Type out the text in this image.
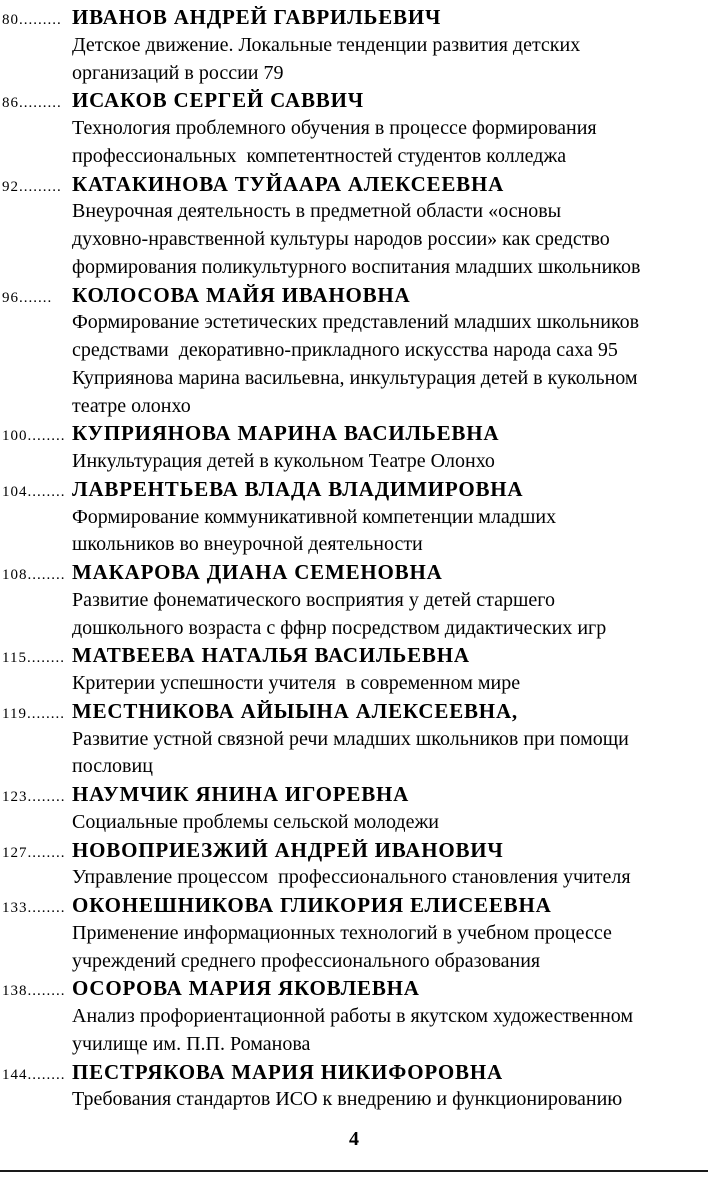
80......... ИВАНОВ АНДРЕЙ ГАВРИЛЬЕВИЧ
Детское движение. Локальные тенденции развития детских
организаций в россии 79
86......... ИСАКОВ СЕРГЕЙ САВВИЧ
Технология проблемного обучения в процессе формирования
профессиональных  компетентностей студентов колледжа
92......... КАТАКИНОВА ТУЙААРА АЛЕКСЕЕВНА
Внеурочная деятельность в предметной области «основы
духовно-нравственной культуры народов россии» как средство
формирования поликультурного воспитания младших школьников
96....... КОЛОСОВА МАЙЯ ИВАНОВНА
Формирование эстетических представлений младших школьников
средствами  декоративно-прикладного искусства народа саха 95
Куприянова марина васильевна, инкультурация детей в кукольном
театре олонхо
100........ КУПРИЯНОВА МАРИНА ВАСИЛЬЕВНА
Инкультурация детей в кукольном Театре Олонхо
104........ ЛАВРЕНТЬЕВА ВЛАДА ВЛАДИМИРОВНА
Формирование коммуникативной компетенции младших
школьников во внеурочной деятельности
108........ МАКАРОВА ДИАНА СЕМЕНОВНА
Развитие фонематического восприятия у детей старшего
дошкольного возраста с ффнр посредством дидактических игр
115........ МАТВЕЕВА НАТАЛЬЯ ВАСИЛЬЕВНА
Критерии успешности учителя  в современном мире
119........ МЕСТНИКОВА АЙЫЫНА АЛЕКСЕЕВНА,
Развитие устной связной речи младших школьников при помощи
пословиц
123........ НАУМЧИК ЯНИНА ИГОРЕВНА
Социальные проблемы сельской молодежи
127........ НОВОПРИЕЗЖИЙ АНДРЕЙ ИВАНОВИЧ
Управление процессом  профессионального становления учителя
133........ ОКОНЕШНИКОВА ГЛИКОРИЯ ЕЛИСЕЕВНА
Применение информационных технологий в учебном процессе
учреждений среднего профессионального образования
138........ ОСОРОВА МАРИЯ ЯКОВЛЕВНА
Анализ профориентационной работы в якутском художественном
училище им. П.П. Романова
144........ ПЕСТРЯКОВА МАРИЯ НИКИФОРОВНА
Требования стандартов ИСО к внедрению и функционированию
4
